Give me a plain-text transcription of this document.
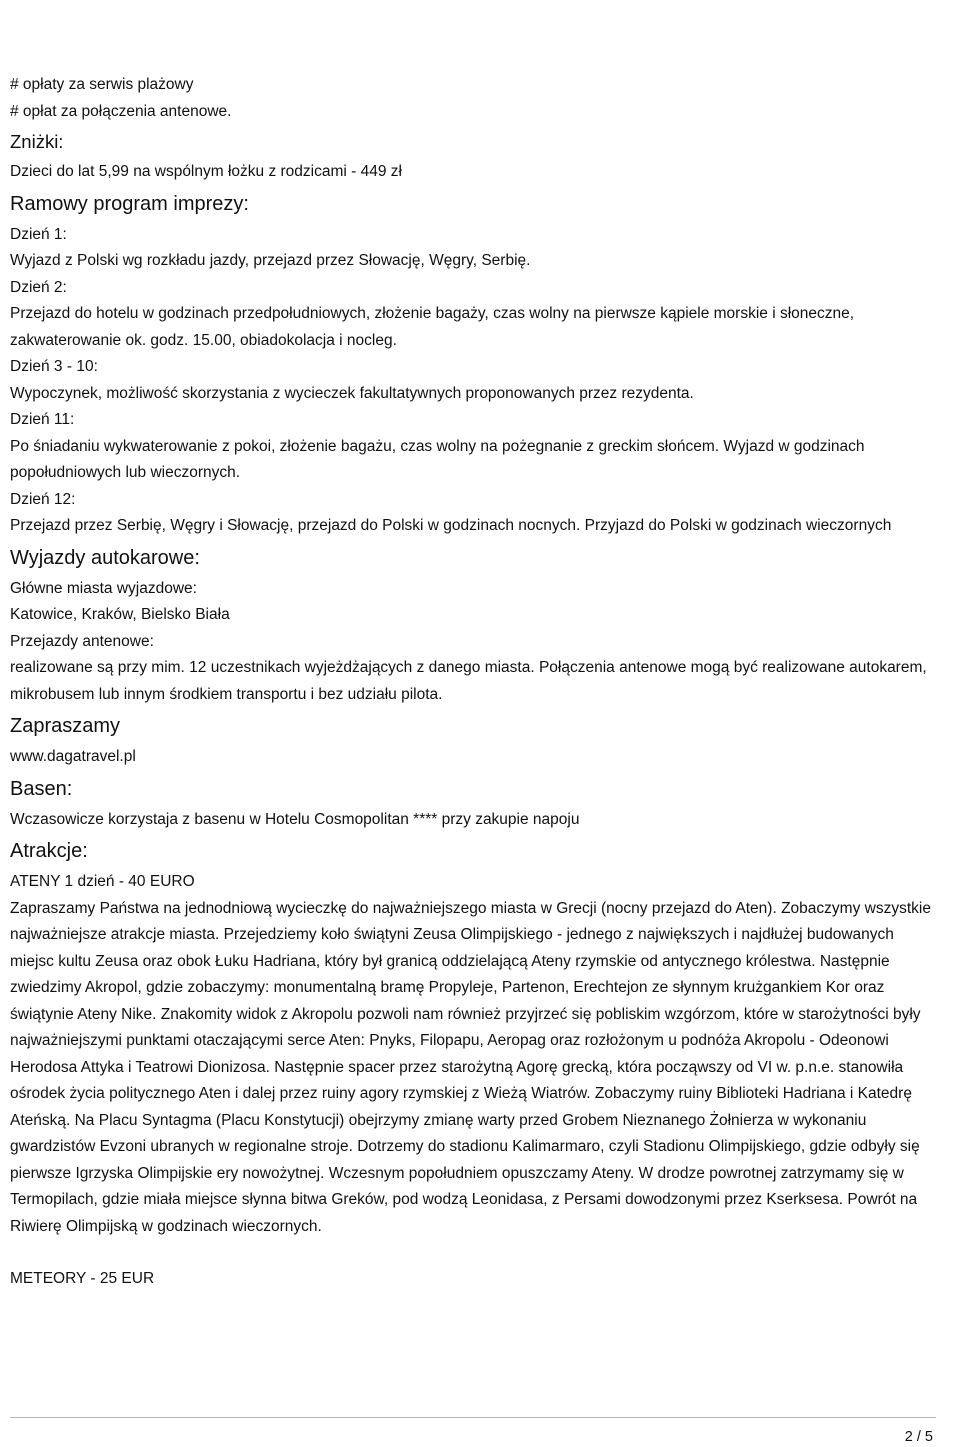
# opłaty za serwis plażowy

# opłat za połączenia antenowe.

Zniżki:

Dzieci do lat 5,99 na wspólnym łożku z rodzicami - 449 zł

Ramowy program imprezy:

Dzień 1:

Wyjazd z Polski wg rozkładu jazdy, przejazd przez Słowację, Węgry, Serbię.

Dzień 2:

Przejazd do hotelu w godzinach przedpołudniowych, złożenie bagaży, czas wolny na pierwsze kąpiele morskie i słoneczne, zakwaterowanie ok. godz. 15.00, obiadokolacja i nocleg.

Dzień 3 - 10:

Wypoczynek, możliwość skorzystania z wycieczek fakultatywnych proponowanych przez rezydenta.

Dzień 11:

Po śniadaniu wykwaterowanie z pokoi, złożenie bagażu, czas wolny na pożegnanie z greckim słońcem. Wyjazd w godzinach popołudniowych lub wieczornych.

Dzień 12:

Przejazd przez Serbię, Węgry i Słowację, przejazd do Polski w godzinach nocnych. Przyjazd do Polski w godzinach wieczornych

Wyjazdy autokarowe:

Główne miasta wyjazdowe:

Katowice, Kraków, Bielsko Biała

Przejazdy antenowe:

realizowane są przy mim. 12 uczestnikach wyjeżdżających z danego miasta. Połączenia antenowe mogą być realizowane autokarem, mikrobusem lub innym środkiem transportu i bez udziału pilota.

Zapraszamy

www.dagatravel.pl

Basen:

Wczasowicze korzystaja z basenu w Hotelu Cosmopolitan **** przy zakupie napoju

Atrakcje:

ATENY 1 dzień - 40 EURO

Zapraszamy Państwa na jednodniową wycieczkę do najważniejszego miasta w Grecji (nocny przejazd do Aten). Zobaczymy wszystkie najważniejsze atrakcje miasta. Przejedziemy koło świątyni Zeusa Olimpijskiego - jednego z największych i najdłużej budowanych miejsc kultu Zeusa oraz obok Łuku Hadriana, który był granicą oddzielającą Ateny rzymskie od antycznego królestwa. Następnie zwiedzimy Akropol, gdzie zobaczymy: monumentalną bramę Propyleje, Partenon, Erechtejon ze słynnym krużgankiem Kor oraz świątynie Ateny Nike. Znakomity widok z Akropolu pozwoli nam również przyjrzeć się pobliskim wzgórzom, które w starożytności były najważniejszymi punktami otaczającymi serce Aten: Pnyks, Filopapu, Aeropag oraz rozłożonym u podnóża Akropolu - Odeonowi Herodosa Attyka i Teatrowi Dionizosa. Następnie spacer przez starożytną Agorę grecką, która począwszy od VI w. p.n.e. stanowiła ośrodek życia politycznego Aten i dalej przez ruiny agory rzymskiej z Wieżą Wiatrów. Zobaczymy ruiny Biblioteki Hadriana i Katedrę Ateńską. Na Placu Syntagma (Placu Konstytucji) obejrzymy zmianę warty przed Grobem Nieznanego Żołnierza w wykonaniu gwardzistów Evzoni ubranych w regionalne stroje. Dotrzemy do stadionu Kalimarmaro, czyli Stadionu Olimpijskiego, gdzie odbyły się pierwsze Igrzyska Olimpijskie ery nowożytnej. Wczesnym popołudniem opuszczamy Ateny. W drodze powrotnej zatrzymamy się w Termopilach, gdzie miała miejsce słynna bitwa Greków, pod wodzą Leonidasa, z Persami dowodzonymi przez Kserksesa. Powrót na Riwierę Olimpijską w godzinach wieczornych.

METEORY - 25 EUR

2 / 5
